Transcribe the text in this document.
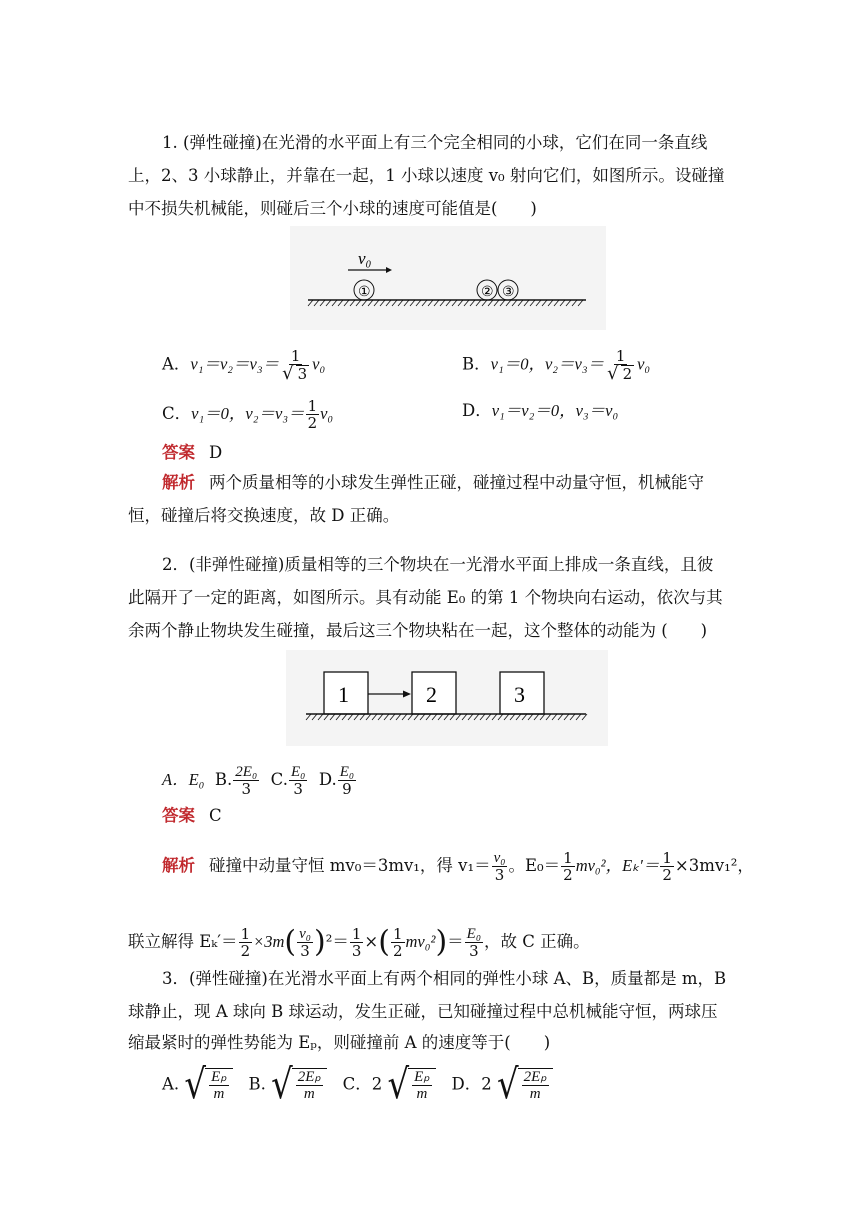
1. (弹性碰撞)在光滑的水平面上有三个完全相同的小球，它们在同一条直线
上，2、3 小球静止，并靠在一起，1 小球以速度 v₀ 射向它们，如图所示。设碰撞
中不损失机械能，则碰后三个小球的速度可能值是(　　)
v₀
①	② ③
A．$v_1=v_2=v_3= \frac{1}{√ 3} v_0$	B．v₁＝0，$v_2=v_3= \frac{1}{√ 2} v_0$
C．v₁＝0，$v_2=v_3= \frac{1}{2} v_0$	D．v₁＝v₂＝0，v₃＝v₀
答案 D
解析 两个质量相等的小球发生弹性正碰，碰撞过程中动量守恒，机械能守
恒，碰撞后将交换速度，故 D 正确。
2．(非弹性碰撞)质量相等的三个物块在一光滑水平面上排成一条直线，且彼
此隔开了一定的距离，如图所示。具有动能 E₀ 的第 1 个物块向右运动，依次与其
余两个静止物块发生碰撞，最后这三个物块粘在一起，这个整体的动能为 (　　)
1	2	3
A．E₀ B. $\frac{\text{2E₀}}{3} C$. $\frac{\text{E₀}}{3} D$. $\frac{\text{E₀}}{9}$
答案 C
解析 碰撞中动量守恒 mv₀＝3mv₁，得 $v_1= \frac{\text{v₀}}{3}$ 。$E_0= \frac{1}{2} mv_0^2$，$E_k'= \frac{1}{2} \times 3mv_1^2$，
联立解得 $E_k'= \frac{1}{2} \times 3m( \frac{\text{v₀}}{3} )^2= \frac{1}{3}$ ×( $\frac{1}{2} mv_0^2)= \frac{\text{E₀}}{3}$ ，故 C 正确。
3．(弹性碰撞)在光滑水平面上有两个相同的弹性小球 A、B，质量都是 m，B
球静止，现 A 球向 B 球运动，发生正碰，已知碰撞过程中总机械能守恒，两球压
缩最紧时的弹性势能为 Eₚ，则碰撞前 A 的速度等于(　　)
A. √ $\frac{\text{Eₚ}}{m} B$. √ $\frac{\text{2Eₚ}}{m}$ C．2 √ $\frac{\text{Eₚ}}{m}$ D．2 √ $\frac{\text{2Eₚ}}{m}$
